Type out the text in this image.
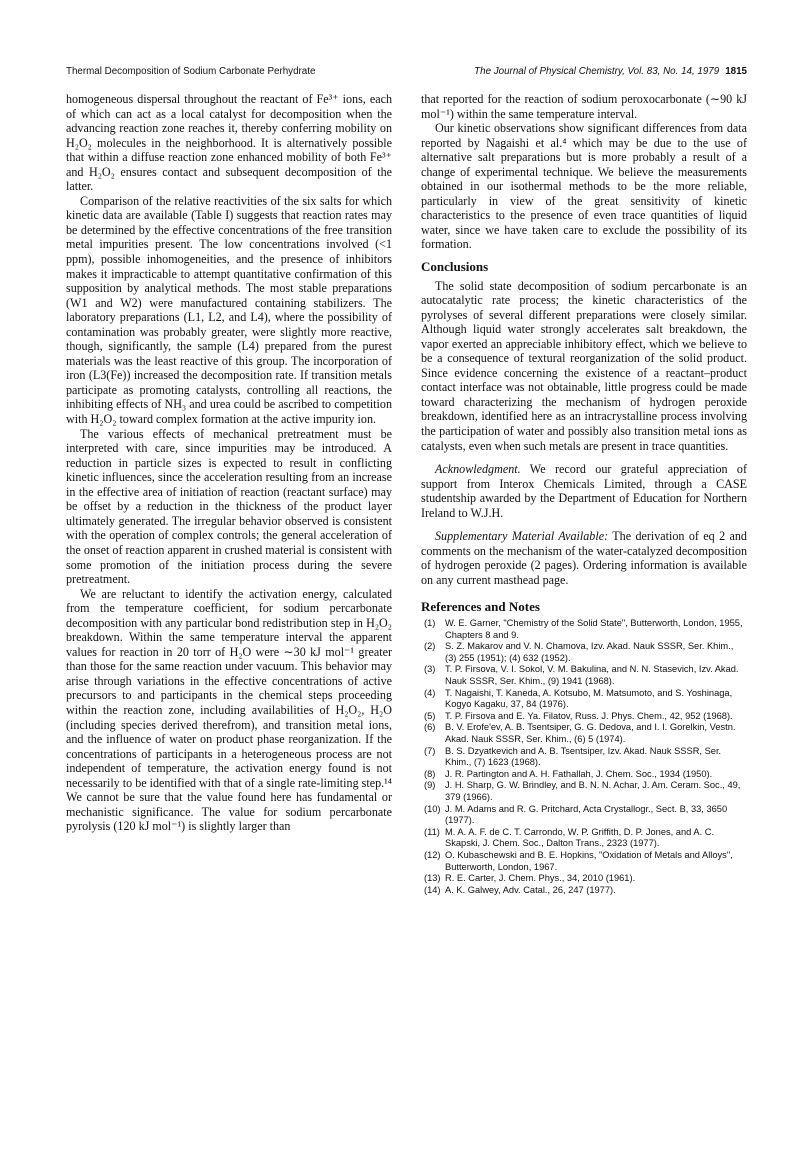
Thermal Decomposition of Sodium Carbonate Perhydrate	The Journal of Physical Chemistry, Vol. 83, No. 14, 1979 1815

homogeneous dispersal throughout the reactant of Fe³⁺ ions, each of which can act as a local catalyst for decomposition when the advancing reaction zone reaches it, thereby conferring mobility on H₂O₂ molecules in the neighborhood. It is alternatively possible that within a diffuse reaction zone enhanced mobility of both Fe³⁺ and H₂O₂ ensures contact and subsequent decomposition of the latter.

Comparison of the relative reactivities of the six salts for which kinetic data are available (Table I) suggests that reaction rates may be determined by the effective concentrations of the free transition metal impurities present. The low concentrations involved (<1 ppm), possible inhomogeneities, and the presence of inhibitors makes it impracticable to attempt quantitative confirmation of this supposition by analytical methods. The most stable preparations (W1 and W2) were manufactured containing stabilizers. The laboratory preparations (L1, L2, and L4), where the possibility of contamination was probably greater, were slightly more reactive, though, significantly, the sample (L4) prepared from the purest materials was the least reactive of this group. The incorporation of iron (L3(Fe)) increased the decomposition rate. If transition metals participate as promoting catalysts, controlling all reactions, the inhibiting effects of NH₃ and urea could be ascribed to competition with H₂O₂ toward complex formation at the active impurity ion.

The various effects of mechanical pretreatment must be interpreted with care, since impurities may be introduced. A reduction in particle sizes is expected to result in conflicting kinetic influences, since the acceleration resulting from an increase in the effective area of initiation of reaction (reactant surface) may be offset by a reduction in the thickness of the product layer ultimately generated. The irregular behavior observed is consistent with the operation of complex controls; the general acceleration of the onset of reaction apparent in crushed material is consistent with some promotion of the initiation process during the severe pretreatment.

We are reluctant to identify the activation energy, calculated from the temperature coefficient, for sodium percarbonate decomposition with any particular bond redistribution step in H₂O₂ breakdown. Within the same temperature interval the apparent values for reaction in 20 torr of H₂O were ∼30 kJ mol⁻¹ greater than those for the same reaction under vacuum. This behavior may arise through variations in the effective concentrations of active precursors to and participants in the chemical steps proceeding within the reaction zone, including availabilities of H₂O₂, H₂O (including species derived therefrom), and transition metal ions, and the influence of water on product phase reorganization. If the concentrations of participants in a heterogeneous process are not independent of temperature, the activation energy found is not necessarily to be identified with that of a single rate-limiting step.¹⁴ We cannot be sure that the value found here has fundamental or mechanistic significance. The value for sodium percarbonate pyrolysis (120 kJ mol⁻¹) is slightly larger than

that reported for the reaction of sodium peroxocarbonate (∼90 kJ mol⁻¹) within the same temperature interval.

Our kinetic observations show significant differences from data reported by Nagaishi et al.⁴ which may be due to the use of alternative salt preparations but is more probably a result of a change of experimental technique. We believe the measurements obtained in our isothermal methods to be the more reliable, particularly in view of the great sensitivity of kinetic characteristics to the presence of even trace quantities of liquid water, since we have taken care to exclude the possibility of its formation.

Conclusions

The solid state decomposition of sodium percarbonate is an autocatalytic rate process; the kinetic characteristics of the pyrolyses of several different preparations were closely similar. Although liquid water strongly accelerates salt breakdown, the vapor exerted an appreciable inhibitory effect, which we believe to be a consequence of textural reorganization of the solid product. Since evidence concerning the existence of a reactant–product contact interface was not obtainable, little progress could be made toward characterizing the mechanism of hydrogen peroxide breakdown, identified here as an intracrystalline process involving the participation of water and possibly also transition metal ions as catalysts, even when such metals are present in trace quantities.

Acknowledgment. We record our grateful appreciation of support from Interox Chemicals Limited, through a CASE studentship awarded by the Department of Education for Northern Ireland to W.J.H.

Supplementary Material Available: The derivation of eq 2 and comments on the mechanism of the water-catalyzed decomposition of hydrogen peroxide (2 pages). Ordering information is available on any current masthead page.

References and Notes
(1) W. E. Garner, "Chemistry of the Solid State", Butterworth, London, 1955, Chapters 8 and 9.
(2) S. Z. Makarov and V. N. Chamova, Izv. Akad. Nauk SSSR, Ser. Khim., (3) 255 (1951); (4) 632 (1952).
(3) T. P. Firsova, V. I. Sokol, V. M. Bakulina, and N. N. Stasevich, Izv. Akad. Nauk SSSR, Ser. Khim., (9) 1941 (1968).
(4) T. Nagaishi, T. Kaneda, A. Kotsubo, M. Matsumoto, and S. Yoshinaga, Kogyo Kagaku, 37, 84 (1976).
(5) T. P. Firsova and E. Ya. Filatov, Russ. J. Phys. Chem., 42, 952 (1968).
(6) B. V. Erofe'ev, A. B. Tsentsiper, G. G. Dedova, and I. I. Gorelkin, Vestn. Akad. Nauk SSSR, Ser. Khim., (6) 5 (1974).
(7) B. S. Dzyatkevich and A. B. Tsentsiper, Izv. Akad. Nauk SSSR, Ser. Khim., (7) 1623 (1968).
(8) J. R. Partington and A. H. Fathallah, J. Chem. Soc., 1934 (1950).
(9) J. H. Sharp, G. W. Brindley, and B. N. N. Achar, J. Am. Ceram. Soc., 49, 379 (1966).
(10) J. M. Adams and R. G. Pritchard, Acta Crystallogr., Sect. B, 33, 3650 (1977).
(11) M. A. A. F. de C. T. Carrondo, W. P. Griffith, D. P. Jones, and A. C. Skapski, J. Chem. Soc., Dalton Trans., 2323 (1977).
(12) O. Kubaschewski and B. E. Hopkins, "Oxidation of Metals and Alloys", Butterworth, London, 1967.
(13) R. E. Carter, J. Chem. Phys., 34, 2010 (1961).
(14) A. K. Galwey, Adv. Catal., 26, 247 (1977).
